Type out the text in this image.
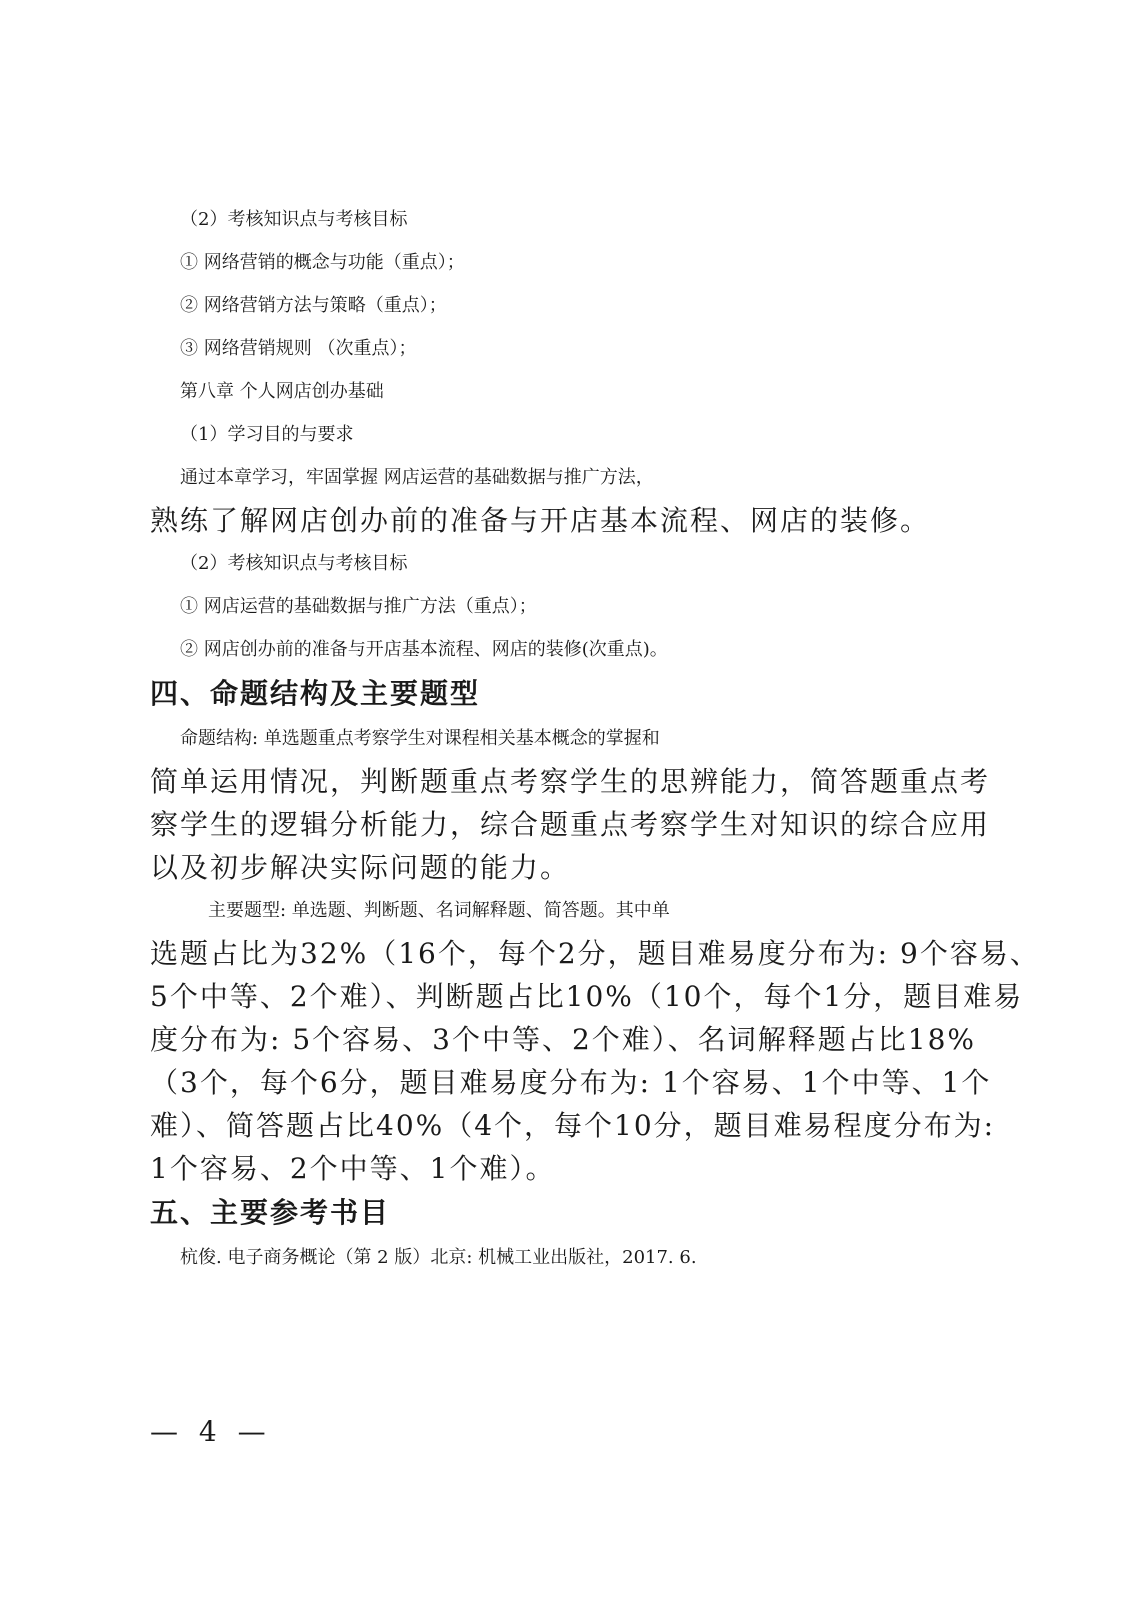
（2）考核知识点与考核目标
① 网络营销的概念与功能（重点）；
② 网络营销方法与策略（重点）；
③ 网络营销规则 （次重点）；
第八章 个人网店创办基础
（1）学习目的与要求
通过本章学习，牢固掌握 网店运营的基础数据与推广方法，
熟练了解网店创办前的准备与开店基本流程、网店的装修。
（2）考核知识点与考核目标
① 网店运营的基础数据与推广方法（重点）；
② 网店创办前的准备与开店基本流程、网店的装修(次重点)。
四、命题结构及主要题型
命题结构: 单选题重点考察学生对课程相关基本概念的掌握和
简单运用情况，判断题重点考察学生的思辨能力，简答题重点考
察学生的逻辑分析能力，综合题重点考察学生对知识的综合应用
以及初步解决实际问题的能力。
主要题型: 单选题、判断题、名词解释题、简答题。其中单
选题占比为32%（16个，每个2分，题目难易度分布为: 9个容易、
5个中等、2个难）、判断题占比10%（10个，每个1分，题目难易
度分布为: 5个容易、3个中等、2个难）、名词解释题占比18%
（3个，每个6分，题目难易度分布为: 1个容易、1个中等、1个
难）、简答题占比40%（4个，每个10分，题目难易程度分布为:
1个容易、2个中等、1个难）。
五、主要参考书目
杭俊. 电子商务概论（第 2 版）北京: 机械工业出版社，2017. 6.
— 4 —
